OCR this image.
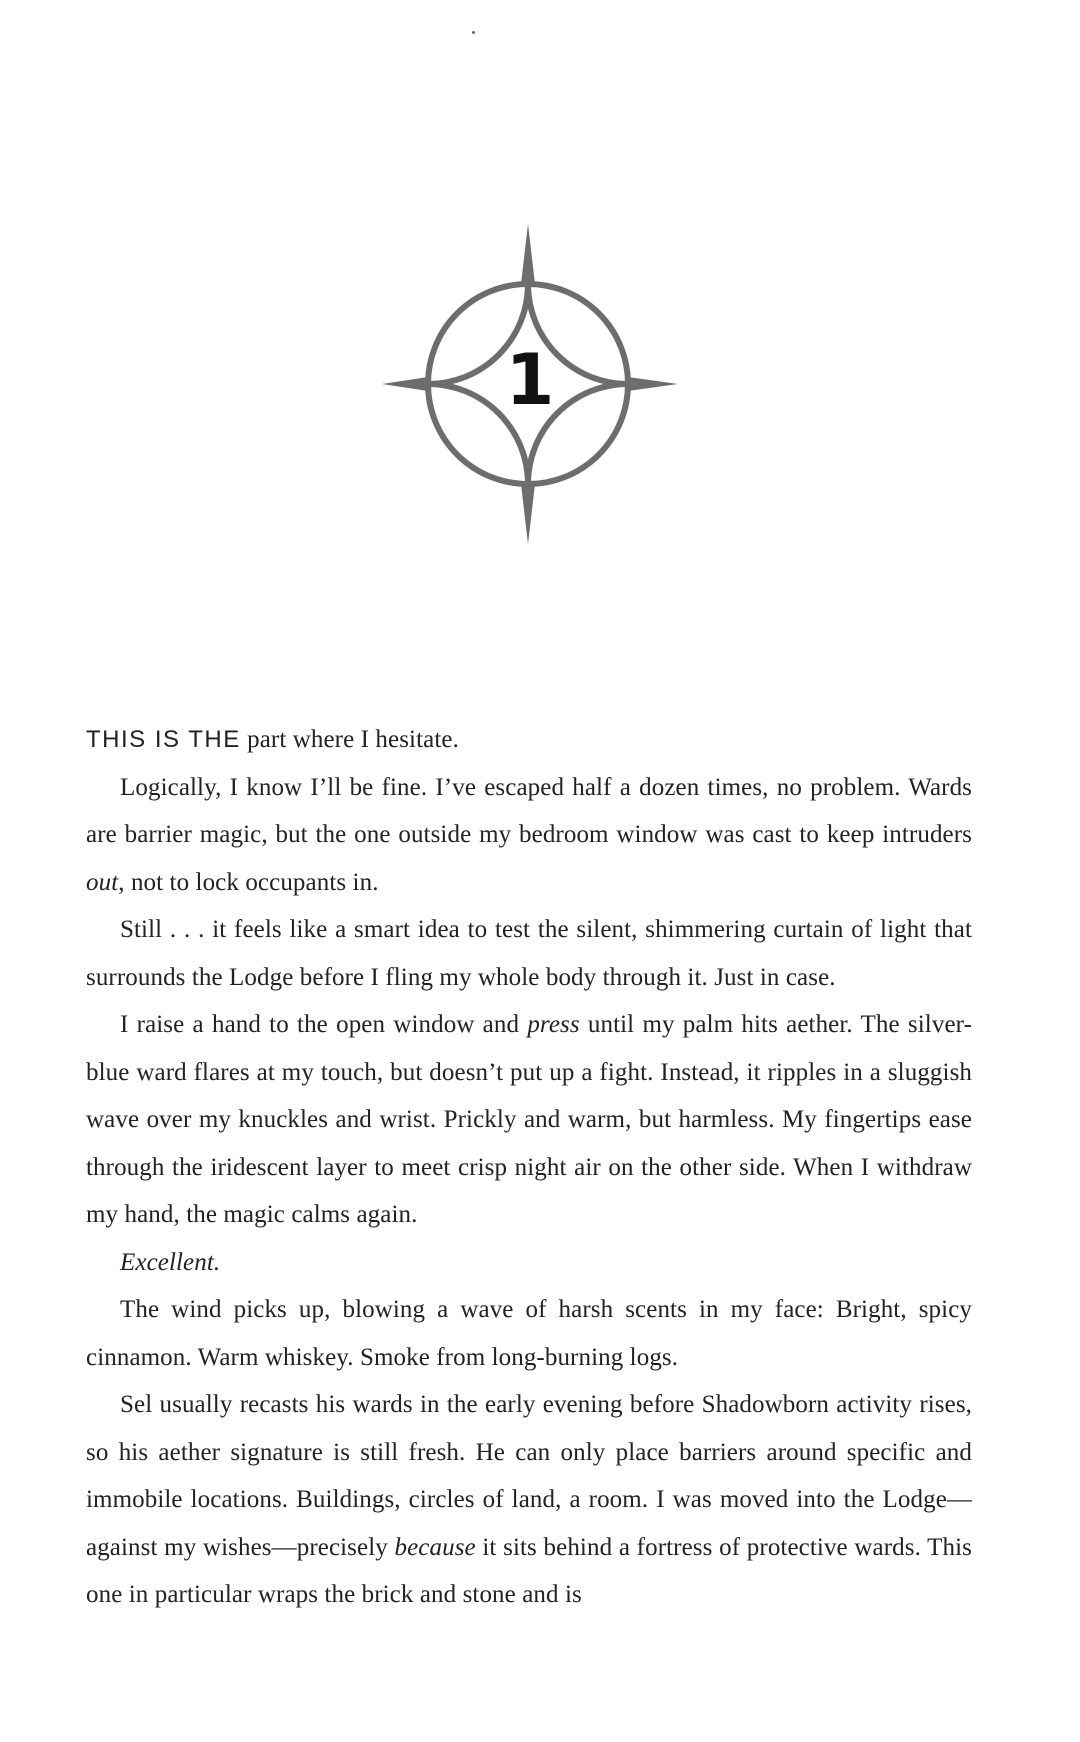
1

THIS IS THE part where I hesitate.

Logically, I know I’ll be fine. I’ve escaped half a dozen times, no problem. Wards are barrier magic, but the one outside my bedroom window was cast to keep intruders out, not to lock occupants in.

Still . . . it feels like a smart idea to test the silent, shimmering curtain of light that surrounds the Lodge before I fling my whole body through it. Just in case.

I raise a hand to the open window and press until my palm hits aether. The silver-blue ward flares at my touch, but doesn’t put up a fight. Instead, it ripples in a sluggish wave over my knuckles and wrist. Prickly and warm, but harmless. My fingertips ease through the iridescent layer to meet crisp night air on the other side. When I withdraw my hand, the magic calms again.

Excellent.

The wind picks up, blowing a wave of harsh scents in my face: Bright, spicy cinnamon. Warm whiskey. Smoke from long-burning logs.

Sel usually recasts his wards in the early evening before Shadowborn activity rises, so his aether signature is still fresh. He can only place barriers around specific and immobile locations. Buildings, circles of land, a room. I was moved into the Lodge—against my wishes—precisely because it sits behind a fortress of protective wards. This one in particular wraps the brick and stone and is
